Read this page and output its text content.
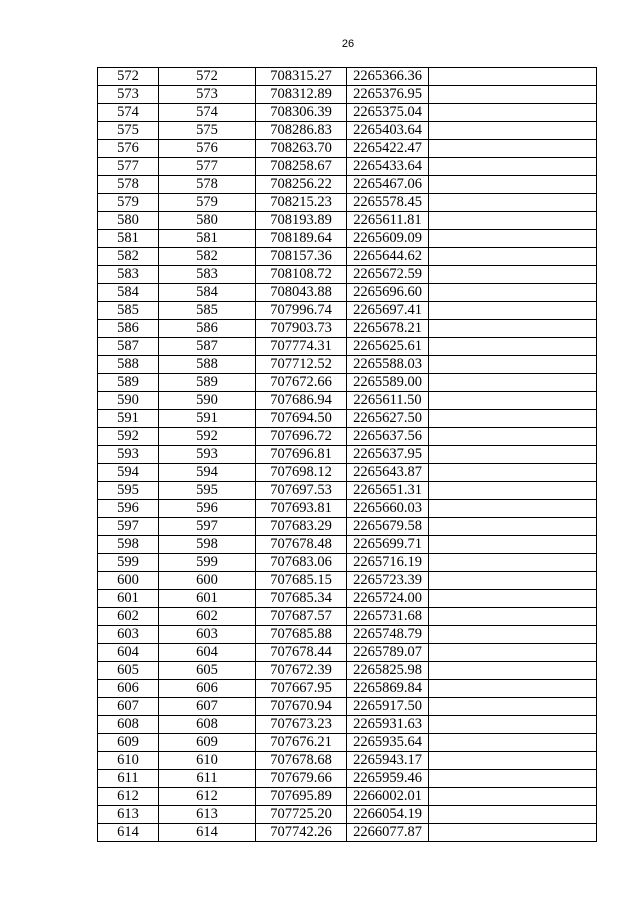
26
572	572	708315.27	2265366.36	
573	573	708312.89	2265376.95	
574	574	708306.39	2265375.04	
575	575	708286.83	2265403.64	
576	576	708263.70	2265422.47	
577	577	708258.67	2265433.64	
578	578	708256.22	2265467.06	
579	579	708215.23	2265578.45	
580	580	708193.89	2265611.81	
581	581	708189.64	2265609.09	
582	582	708157.36	2265644.62	
583	583	708108.72	2265672.59	
584	584	708043.88	2265696.60	
585	585	707996.74	2265697.41	
586	586	707903.73	2265678.21	
587	587	707774.31	2265625.61	
588	588	707712.52	2265588.03	
589	589	707672.66	2265589.00	
590	590	707686.94	2265611.50	
591	591	707694.50	2265627.50	
592	592	707696.72	2265637.56	
593	593	707696.81	2265637.95	
594	594	707698.12	2265643.87	
595	595	707697.53	2265651.31	
596	596	707693.81	2265660.03	
597	597	707683.29	2265679.58	
598	598	707678.48	2265699.71	
599	599	707683.06	2265716.19	
600	600	707685.15	2265723.39	
601	601	707685.34	2265724.00	
602	602	707687.57	2265731.68	
603	603	707685.88	2265748.79	
604	604	707678.44	2265789.07	
605	605	707672.39	2265825.98	
606	606	707667.95	2265869.84	
607	607	707670.94	2265917.50	
608	608	707673.23	2265931.63	
609	609	707676.21	2265935.64	
610	610	707678.68	2265943.17	
611	611	707679.66	2265959.46	
612	612	707695.89	2266002.01	
613	613	707725.20	2266054.19	
614	614	707742.26	2266077.87	
